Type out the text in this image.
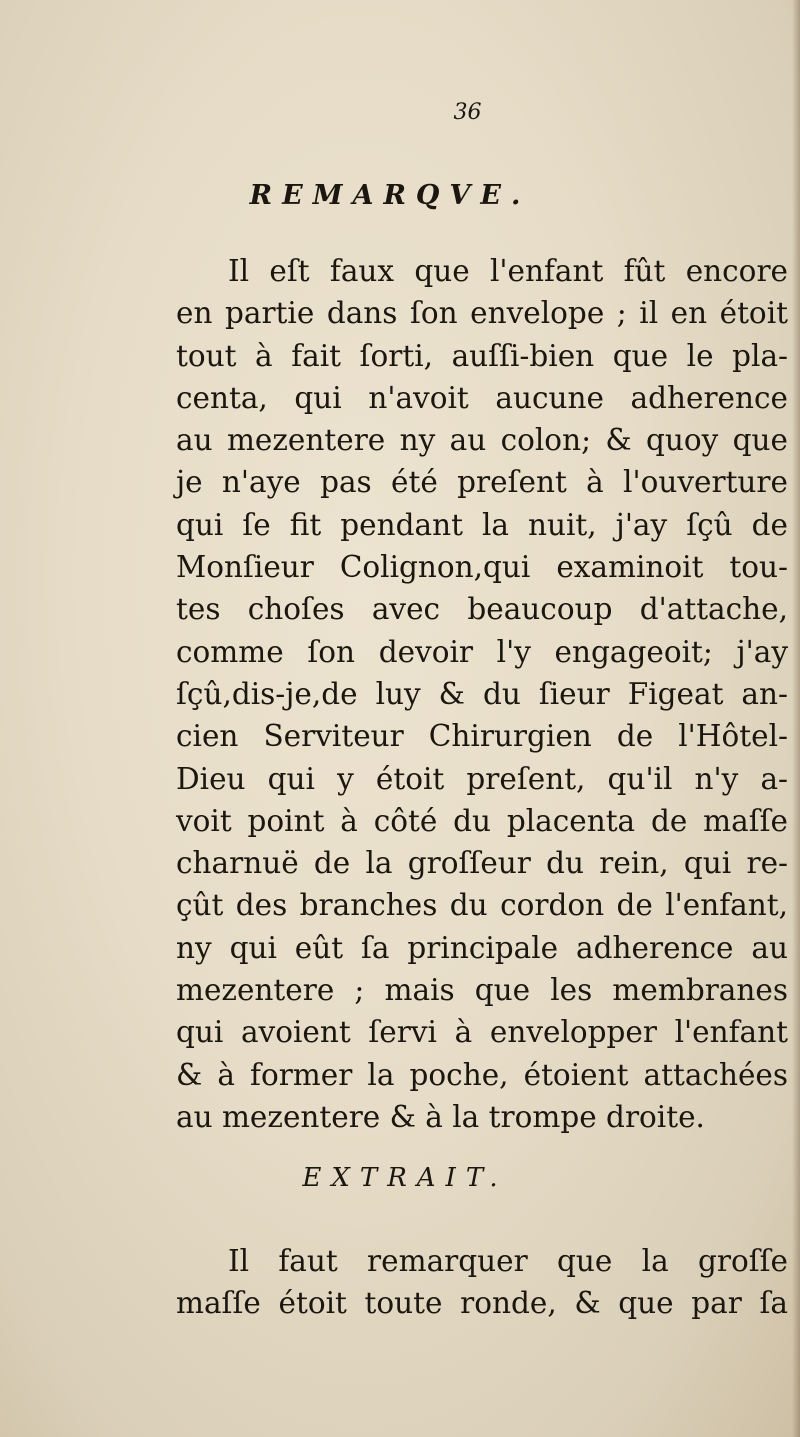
36
REMARQVE.
Il eſt faux que l'enfant fût encore
en partie dans ſon envelope ; il en étoit
tout à fait ſorti, auſſi-bien que le pla-
centa, qui n'avoit aucune adherence
au mezentere ny au colon; & quoy que
je n'aye pas été preſent à l'ouverture
qui ſe fit pendant la nuit, j'ay ſçû de
Monſieur Colignon,qui examinoit tou-
tes choſes avec beaucoup d'attache,
comme ſon devoir l'y engageoit; j'ay
ſçû,dis-je,de luy & du ſieur Figeat an-
cien Serviteur Chirurgien de l'Hôtel-
Dieu qui y étoit preſent, qu'il n'y a-
voit point à côté du placenta de maſſe
charnuë de la groſſeur du rein, qui re-
çût des branches du cordon de l'enfant,
ny qui eût ſa principale adherence au
mezentere ; mais que les membranes
qui avoient ſervi à envelopper l'enfant
& à former la poche, étoient attachées
au mezentere & à la trompe droite.
EXTRAIT.
Il faut remarquer que la groſſe
maſſe étoit toute ronde, & que par ſa
